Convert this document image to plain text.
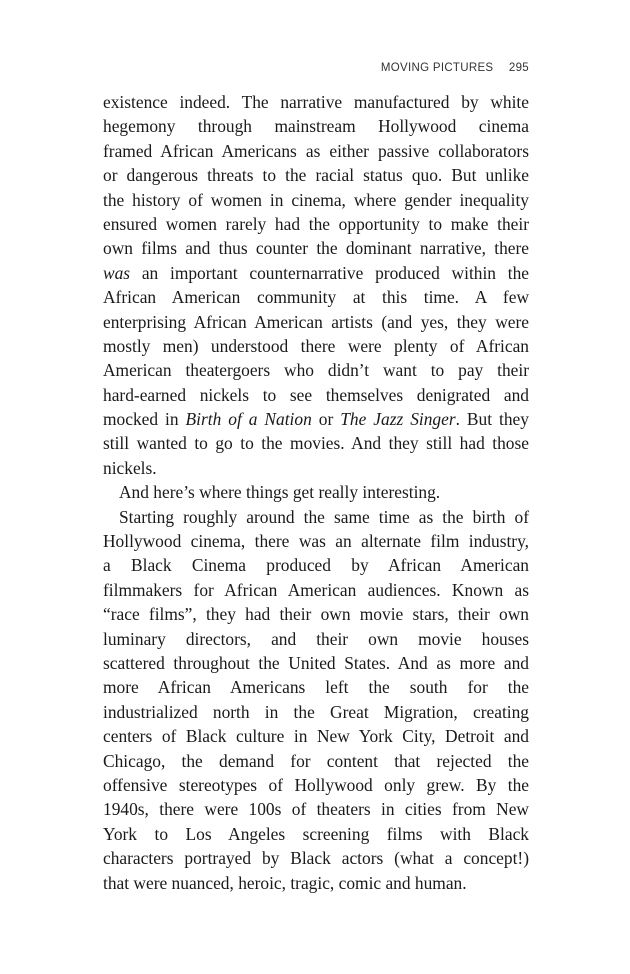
MOVING PICTURES 295
existence indeed. The narrative manufactured by white
hegemony through mainstream Hollywood cinema
framed African Americans as either passive collaborators
or dangerous threats to the racial status quo. But unlike
the history of women in cinema, where gender inequality
ensured women rarely had the opportunity to make their
own films and thus counter the dominant narrative, there
was an important counternarrative produced within the
African American community at this time. A few
enterprising African American artists (and yes, they were
mostly men) understood there were plenty of African
American theatergoers who didn’t want to pay their
hard-earned nickels to see themselves denigrated and
mocked in Birth of a Nation or The Jazz Singer. But they
still wanted to go to the movies. And they still had those
nickels.
And here’s where things get really interesting.
Starting roughly around the same time as the birth of
Hollywood cinema, there was an alternate film industry,
a Black Cinema produced by African American
filmmakers for African American audiences. Known as
“race films”, they had their own movie stars, their own
luminary directors, and their own movie houses
scattered throughout the United States. And as more and
more African Americans left the south for the
industrialized north in the Great Migration, creating
centers of Black culture in New York City, Detroit and
Chicago, the demand for content that rejected the
offensive stereotypes of Hollywood only grew. By the
1940s, there were 100s of theaters in cities from New
York to Los Angeles screening films with Black
characters portrayed by Black actors (what a concept!)
that were nuanced, heroic, tragic, comic and human.
